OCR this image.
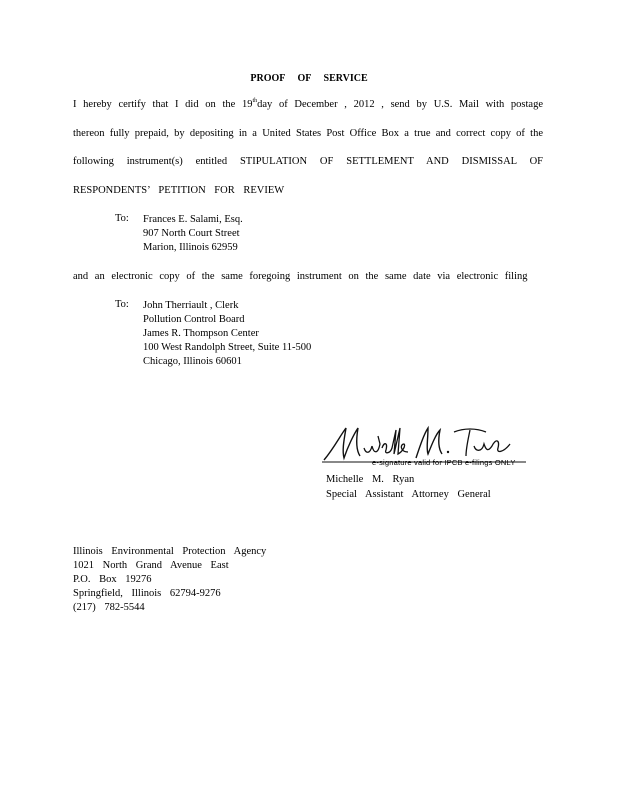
PROOF OF SERVICE
I hereby certify that I did on the 19thday of December , 2012 , send by U.S. Mail with postage
thereon fully prepaid, by depositing in a United States Post Office Box a true and correct copy of the
following instrument(s) entitled STIPULATION OF SETTLEMENT AND DISMISSAL OF
RESPONDENTS’ PETITION FOR REVIEW
To: Frances E. Salami, Esq.
907 North Court Street
Marion, Illinois 62959
and an electronic copy of the same foregoing instrument on the same date via electronic filing
To: John Therriault , Clerk
Pollution Control Board
James R. Thompson Center
100 West Randolph Street, Suite 11-500
Chicago, Illinois 60601
e-signature valid for IPCB e-filings ONLY
Michelle M. Ryan
Special Assistant Attorney General
Illinois Environmental Protection Agency
1021 North Grand Avenue East
P.O. Box 19276
Springfield, Illinois 62794-9276
(217) 782-5544
